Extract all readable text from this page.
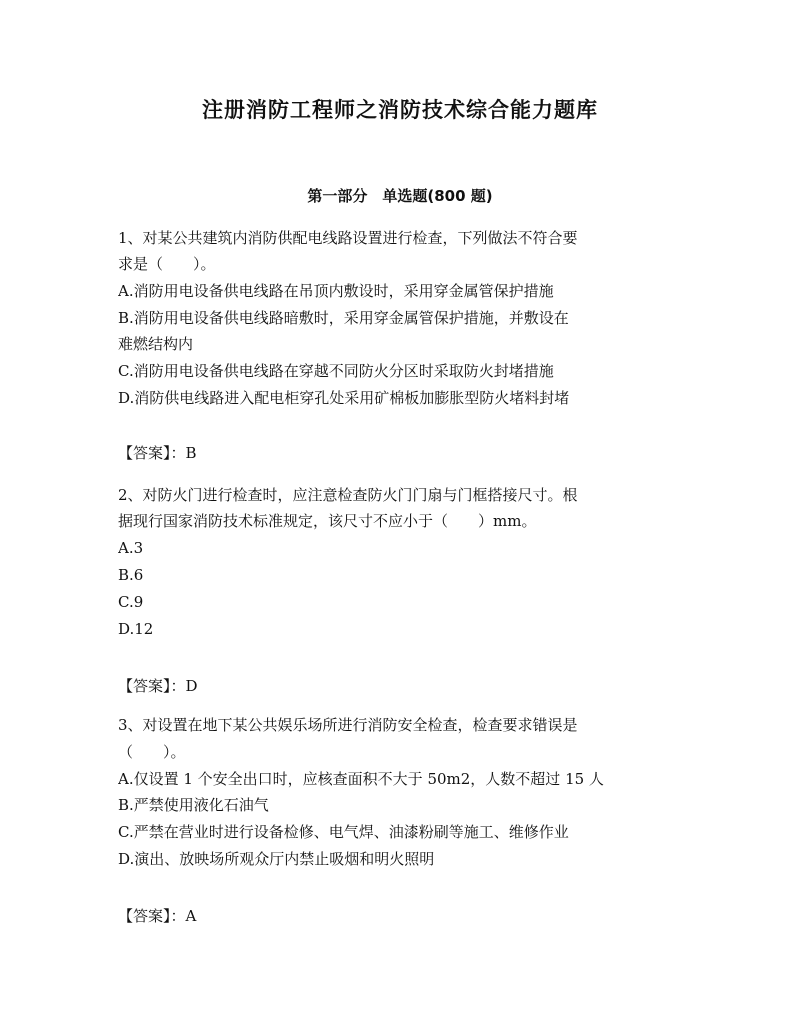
注册消防工程师之消防技术综合能力题库
第一部分　单选题(800 题)
1、对某公共建筑内消防供配电线路设置进行检查，下列做法不符合要
求是（　　）。
A.消防用电设备供电线路在吊顶内敷设时，采用穿金属管保护措施
B.消防用电设备供电线路暗敷时，采用穿金属管保护措施，并敷设在
难燃结构内
C.消防用电设备供电线路在穿越不同防火分区时采取防火封堵措施
D.消防供电线路进入配电柜穿孔处采用矿棉板加膨胀型防火堵料封堵
【答案】：B
2、对防火门进行检查时，应注意检查防火门门扇与门框搭接尺寸。根
据现行国家消防技术标准规定，该尺寸不应小于（　　）mm。
A.3
B.6
C.9
D.12
【答案】：D
3、对设置在地下某公共娱乐场所进行消防安全检查，检查要求错误是
（　　）。
A.仅设置 1 个安全出口时，应核查面积不大于 50m2，人数不超过 15 人
B.严禁使用液化石油气
C.严禁在营业时进行设备检修、电气焊、油漆粉刷等施工、维修作业
D.演出、放映场所观众厅内禁止吸烟和明火照明
【答案】：A
